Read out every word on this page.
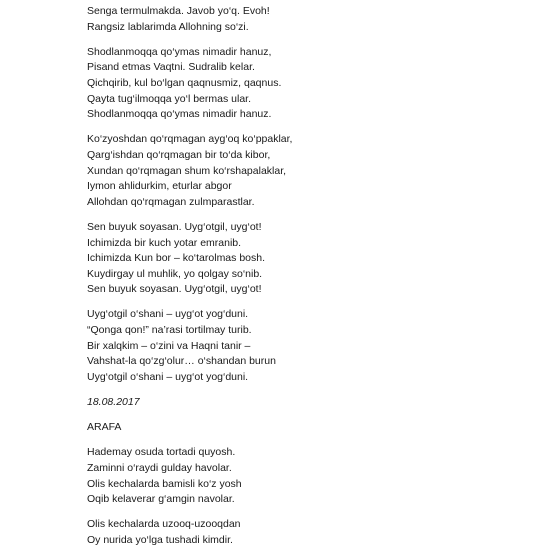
Senga termulmakda. Javob yo‘q. Evoh!
Rangsiz lablarimda Allohning so‘zi.
Shodlanmoqqa qo‘ymas nimadir hanuz,
Pisand etmas Vaqtni. Sudralib kelar.
Qichqirib, kul bo‘lgan qaqnusmiz, qaqnus.
Qayta tug‘ilmoqqa yo‘l bermas ular.
Shodlanmoqqa qo‘ymas nimadir hanuz.
Ko‘zyoshdan qo‘rqmagan ayg‘oq ko‘ppaklar,
Qarg‘ishdan qo‘rqmagan bir to‘da kibor,
Xundan qo‘rqmagan shum ko‘rshapalaklar,
Iymon ahlidurkim, eturlar abgor
Allohdan qo‘rqmagan zulmparastlar.
Sen buyuk soyasan. Uyg‘otgil, uyg‘ot!
Ichimizda bir kuch yotar emranib.
Ichimizda Kun bor – ko‘tarolmas bosh.
Kuydirgay ul muhlik, yo qolgay so‘nib.
Sen buyuk soyasan. Uyg‘otgil, uyg‘ot!
Uyg‘otgil o‘shani – uyg‘ot yog‘duni.
“Qonga qon!” na’rasi tortilmay turib.
Bir xalqkim – o‘zini va Haqni tanir –
Vahshat-la qo‘zg‘olur… o‘shandan burun
Uyg‘otgil o‘shani – uyg‘ot yog‘duni.
18.08.2017
ARAFA
Hademay osuda tortadi quyosh.
Zaminni o‘raydi gulday havolar.
Olis kechalarda bamisli ko‘z yosh
Oqib kelaverar g‘amgin navolar.
Olis kechalarda uzooq-uzooqdan
Oy nurida yo‘lga tushadi kimdir.
